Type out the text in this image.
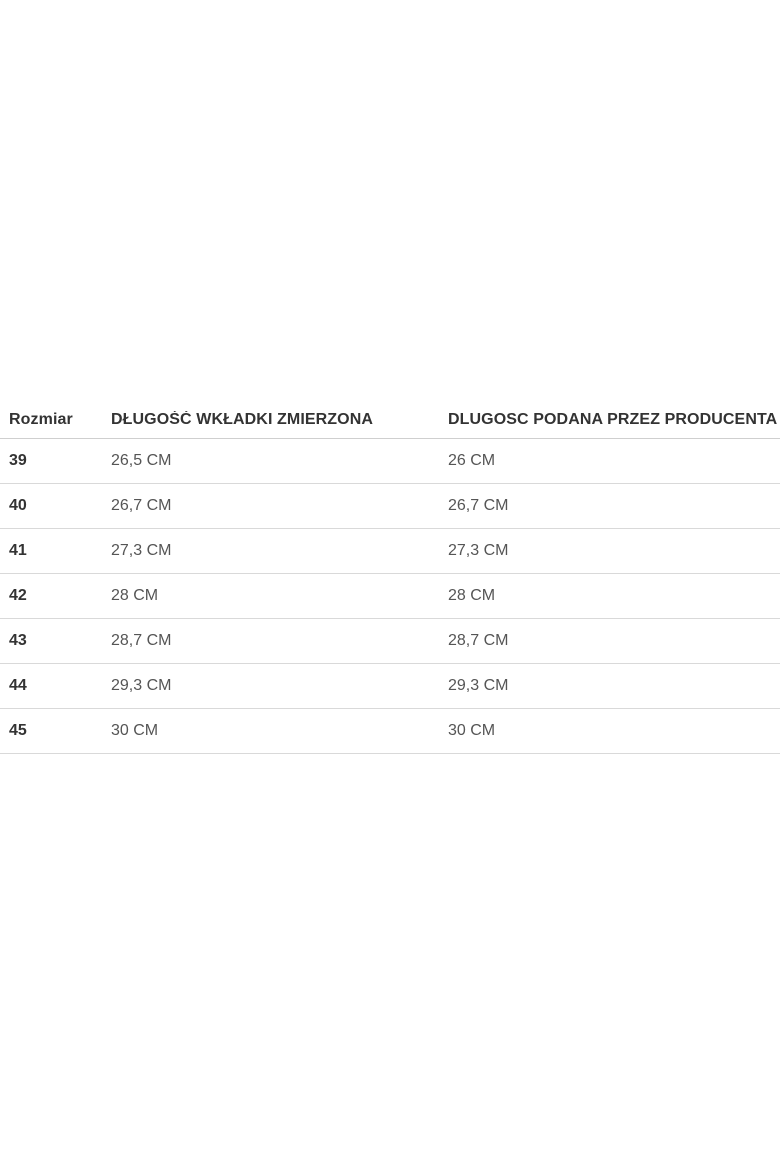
Rozmiar	DŁUGOŚĆ WKŁADKI ZMIERZONA	DLUGOSC PODANA PRZEZ PRODUCENTA
39	26,5 CM	26 CM
40	26,7 CM	26,7 CM
41	27,3 CM	27,3 CM
42	28 CM	28 CM
43	28,7 CM	28,7 CM
44	29,3 CM	29,3 CM
45	30 CM	30 CM
